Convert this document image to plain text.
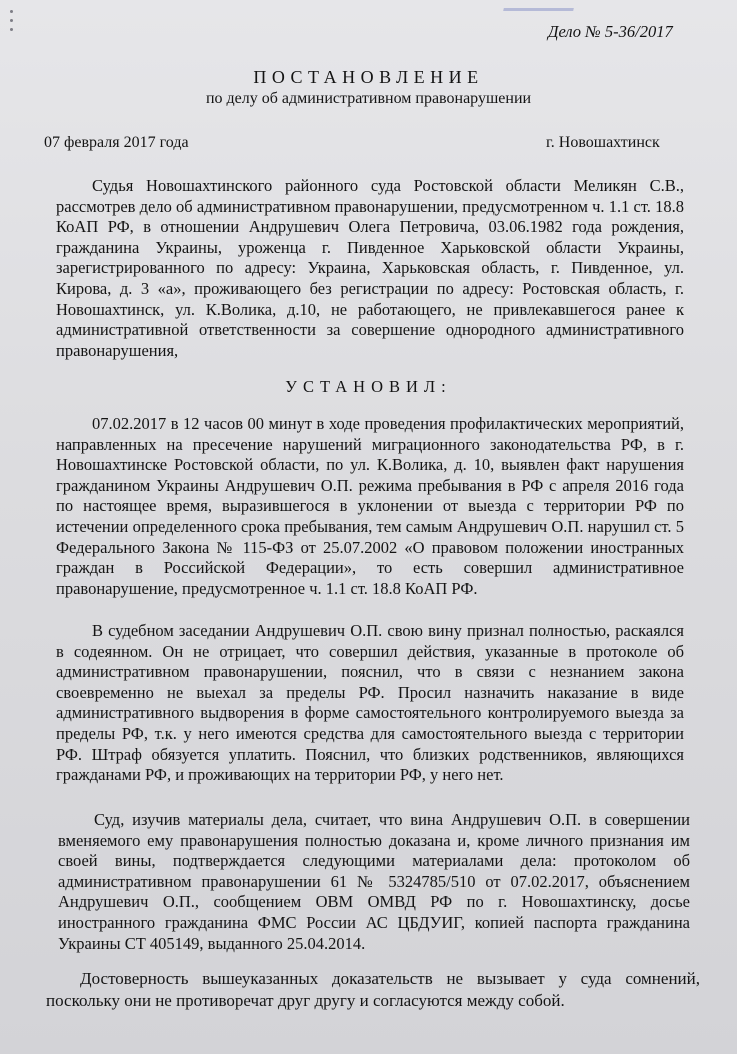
Дело № 5-36/2017
ПОСТАНОВЛЕНИЕ
по делу об административном правонарушении
07 февраля 2017 года	г. Новошахтинск

Судья Новошахтинского районного суда Ростовской области Меликян С.В., рассмотрев дело об административном правонарушении, предусмотренном ч. 1.1 ст. 18.8 КоАП РФ, в отношении Андрушевич Олега Петровича, 03.06.1982 года рождения, гражданина Украины, уроженца г. Пивденное Харьковской области Украины, зарегистрированного по адресу: Украина, Харьковская область, г. Пивденное, ул. Кирова, д. 3 «а», проживающего без регистрации по адресу: Ростовская область, г. Новошахтинск, ул. К.Волика, д.10, не работающего, не привлекавшегося ранее к административной ответственности за совершение однородного административного правонарушения,

УСТАНОВИЛ:

07.02.2017 в 12 часов 00 минут в ходе проведения профилактических мероприятий, направленных на пресечение нарушений миграционного законодательства РФ, в г. Новошахтинске Ростовской области, по ул. К.Волика, д. 10, выявлен факт нарушения гражданином Украины Андрушевич О.П. режима пребывания в РФ с апреля 2016 года по настоящее время, выразившегося в уклонении от выезда с территории РФ по истечении определенного срока пребывания, тем самым Андрушевич О.П. нарушил ст. 5 Федерального Закона № 115-ФЗ от 25.07.2002 «О правовом положении иностранных граждан в Российской Федерации», то есть совершил административное правонарушение, предусмотренное ч. 1.1 ст. 18.8 КоАП РФ.

В судебном заседании Андрушевич О.П. свою вину признал полностью, раскаялся в содеянном. Он не отрицает, что совершил действия, указанные в протоколе об административном правонарушении, пояснил, что в связи с незнанием закона своевременно не выехал за пределы РФ. Просил назначить наказание в виде административного выдворения в форме самостоятельного контролируемого выезда за пределы РФ, т.к. у него имеются средства для самостоятельного выезда с территории РФ. Штраф обязуется уплатить. Пояснил, что близких родственников, являющихся гражданами РФ, и проживающих на территории РФ, у него нет.

Суд, изучив материалы дела, считает, что вина Андрушевич О.П. в совершении вменяемого ему правонарушения полностью доказана и, кроме личного признания им своей вины, подтверждается следующими материалами дела: протоколом об административном правонарушении 61 № 5324785/510 от 07.02.2017, объяснением Андрушевич О.П., сообщением ОВМ ОМВД РФ по г. Новошахтинску, досье иностранного гражданина ФМС России АС ЦБДУИГ, копией паспорта гражданина Украины СТ 405149, выданного 25.04.2014.

Достоверность вышеуказанных доказательств не вызывает у суда сомнений, поскольку они не противоречат друг другу и согласуются между собой.
